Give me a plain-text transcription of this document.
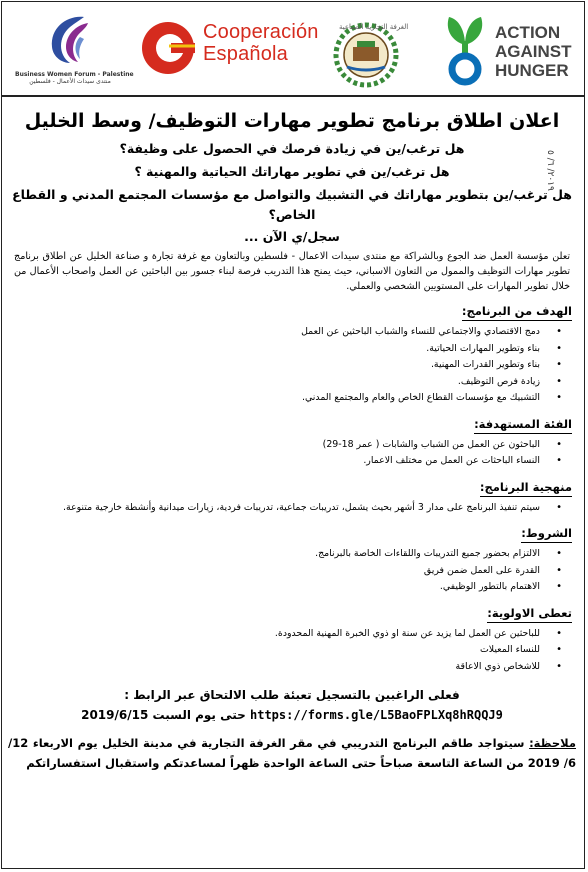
Business Women Forum - Palestine
منتدى سيدات الأعمال - فلسطين
Cooperación
Española
الغرفة التجارية الصناعية	ACTION
AGAINST
HUNGER
٢٠١٩/ ٦/ ٥
اعلان اطلاق برنامج تطوير مهارات التوظيف/ وسط الخليل
هل ترغب/ين في زيادة فرصك في الحصول على وظيفة؟
هل ترغب/ين في تطوير مهاراتك الحياتية والمهنية ؟
هل ترغب/ين بتطوير مهاراتك في التشبيك والتواصل مع مؤسسات المجتمع المدني و القطاع الخاص؟
سجل/ي الآن ...
تعلن مؤسسة العمل ضد الجوع وبالشراكة مع منتدى سيدات الاعمال - فلسطين وبالتعاون مع غرفة تجارة و صناعة الخليل عن اطلاق برنامج تطوير مهارات التوظيف والممول من التعاون الاسباني، حيث يمنح هذا التدريب فرصة لبناء جسور بين الباحثين عن العمل واصحاب الأعمال من خلال تطوير المهارات على المستويين الشخصي والعملي.
الهدف من البرنامج:
• دمج الاقتصادي والاجتماعي للنساء والشباب الباحثين عن العمل
• بناء وتطوير المهارات الحياتية.
• بناء وتطوير القدرات المهنية.
• زيادة فرص التوظيف.
• التشبيك مع مؤسسات القطاع الخاص والعام والمجتمع المدني.
الفئة المستهدفة:
• الباحثون عن العمل من الشباب والشابات ( عمر 18-29)
• النساء الباحثات عن العمل من مختلف الاعمار.
منهجية البرنامج:
• سيتم تنفيذ البرنامج على مدار 3 أشهر بحيث يشمل، تدريبات جماعية، تدريبات فردية، زيارات ميدانية وأنشطة خارجية متنوعة.
الشروط:
• الالتزام بحضور جميع التدريبات واللقاءات الخاصة بالبرنامج.
• القدرة على العمل ضمن فريق
• الاهتمام بالتطور الوظيفي.
تعطى الاولوية:
• للباحثين عن العمل لما يزيد عن سنة او ذوي الخبرة المهنية المحدودة.
• للنساء المعيلات
• للاشخاص ذوي الاعاقة
فعلى الراغبين بالتسجيل تعبئة طلب الالتحاق عبر الرابط :
https://forms.gle/L5BaoFPLXq8hRQQJ9 حتى يوم السبت 2019/6/15
ملاحظة: سيتواجد طاقم البرنامج التدريبي في مقر الغرفة التجارية في مدينة الخليل يوم الاربعاء 12/ 6/ 2019 من الساعة التاسعة صباحاً حتى الساعة الواحدة ظهراً لمساعدتكم واستقبال استفساراتكم
